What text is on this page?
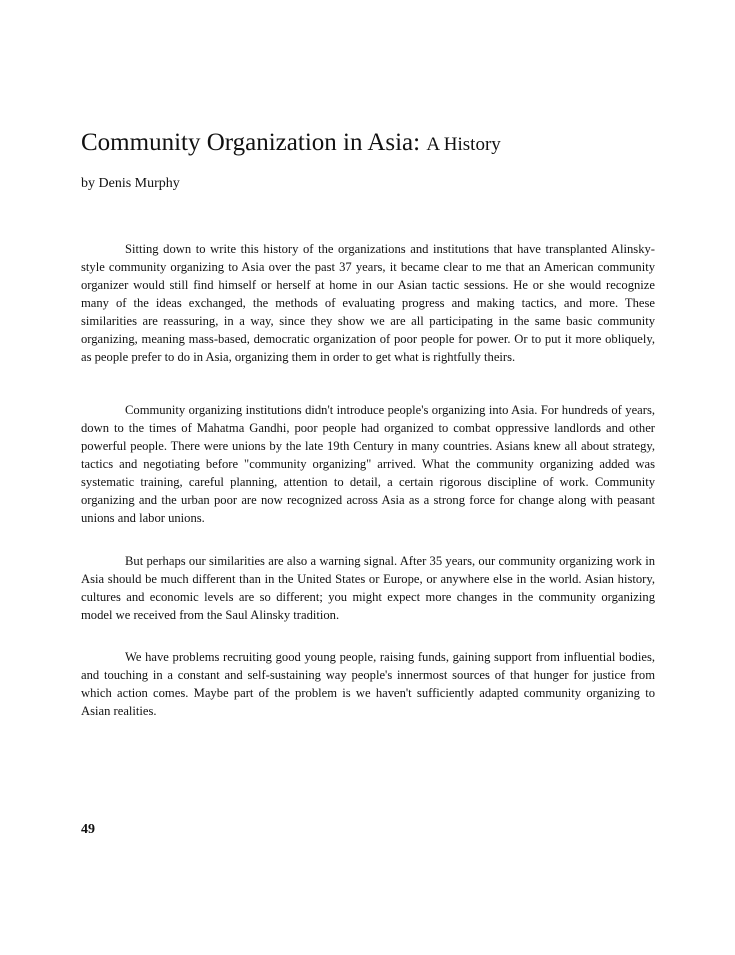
Community Organization in Asia: A History
by Denis Murphy

Sitting down to write this history of the organizations and institutions that have transplanted Alinsky-style community organizing to Asia over the past 37 years, it became clear to me that an American community organizer would still find himself or herself at home in our Asian tactic sessions. He or she would recognize many of the ideas exchanged, the methods of evaluating progress and making tactics, and more. These similarities are reassuring, in a way, since they show we are all participating in the same basic community organizing, meaning mass-based, democratic organization of poor people for power. Or to put it more obliquely, as people prefer to do in Asia, organizing them in order to get what is rightfully theirs.

Community organizing institutions didn't introduce people's organizing into Asia. For hundreds of years, down to the times of Mahatma Gandhi, poor people had organized to combat oppressive landlords and other powerful people. There were unions by the late 19th Century in many countries. Asians knew all about strategy, tactics and negotiating before "community organizing" arrived. What the community organizing added was systematic training, careful planning, attention to detail, a certain rigorous discipline of work. Community organizing and the urban poor are now recognized across Asia as a strong force for change along with peasant unions and labor unions.

But perhaps our similarities are also a warning signal. After 35 years, our community organizing work in Asia should be much different than in the United States or Europe, or anywhere else in the world. Asian history, cultures and economic levels are so different; you might expect more changes in the community organizing model we received from the Saul Alinsky tradition.

We have problems recruiting good young people, raising funds, gaining support from influential bodies, and touching in a constant and self-sustaining way people's innermost sources of that hunger for justice from which action comes. Maybe part of the problem is we haven't sufficiently adapted community organizing to Asian realities.

49
